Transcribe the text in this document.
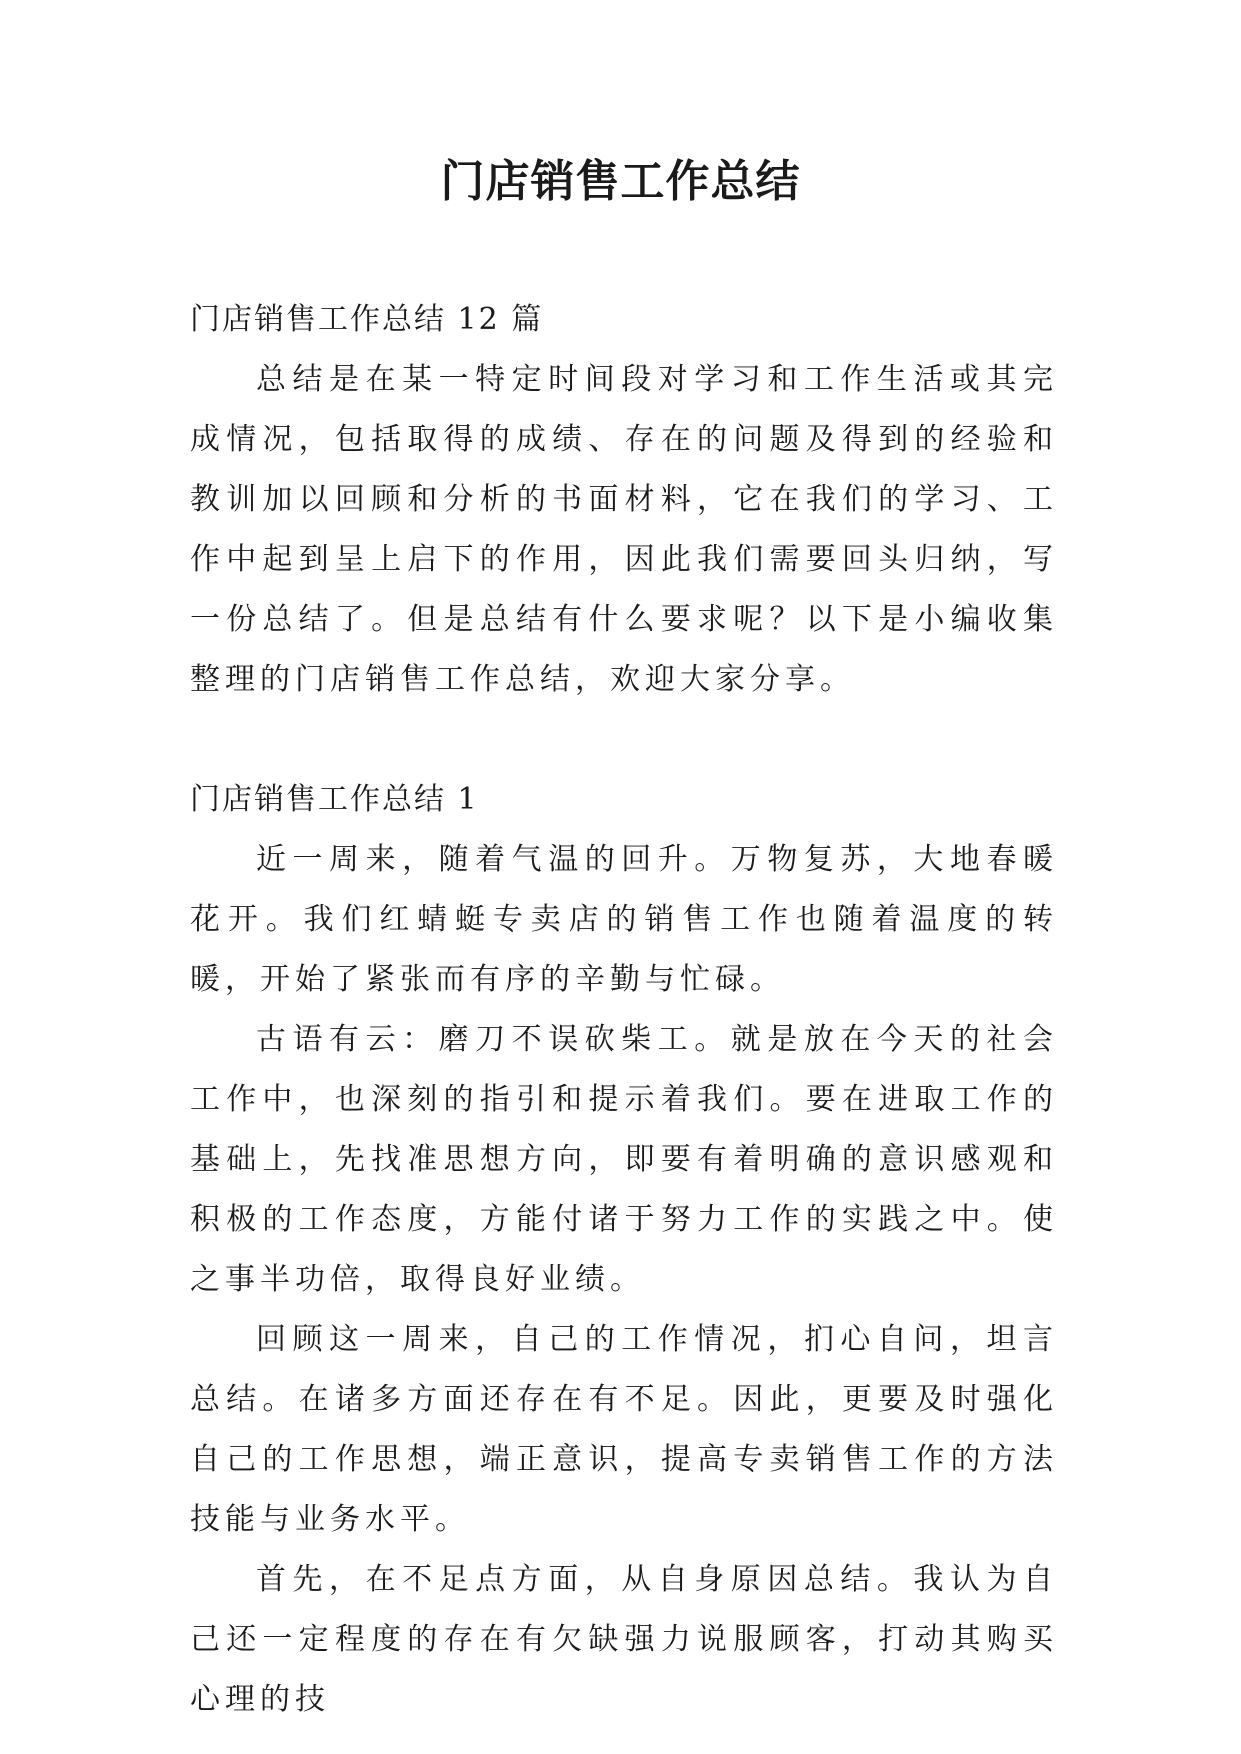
门店销售工作总结

门店销售工作总结 12 篇

总结是在某一特定时间段对学习和工作生活或其完成情况，包括取得的成绩、存在的问题及得到的经验和教训加以回顾和分析的书面材料，它在我们的学习、工作中起到呈上启下的作用，因此我们需要回头归纳，写一份总结了。但是总结有什么要求呢？以下是小编收集整理的门店销售工作总结，欢迎大家分享。

门店销售工作总结 1

近一周来，随着气温的回升。万物复苏，大地春暖花开。我们红蜻蜓专卖店的销售工作也随着温度的转暖，开始了紧张而有序的辛勤与忙碌。

古语有云：磨刀不误砍柴工。就是放在今天的社会工作中，也深刻的指引和提示着我们。要在进取工作的基础上，先找准思想方向，即要有着明确的意识感观和积极的工作态度，方能付诸于努力工作的实践之中。使之事半功倍，取得良好业绩。

回顾这一周来，自己的工作情况，扪心自问，坦言总结。在诸多方面还存在有不足。因此，更要及时强化自己的工作思想，端正意识，提高专卖销售工作的方法技能与业务水平。

首先，在不足点方面，从自身原因总结。我认为自己还一定程度的存在有欠缺强力说服顾客，打动其购买心理的技
